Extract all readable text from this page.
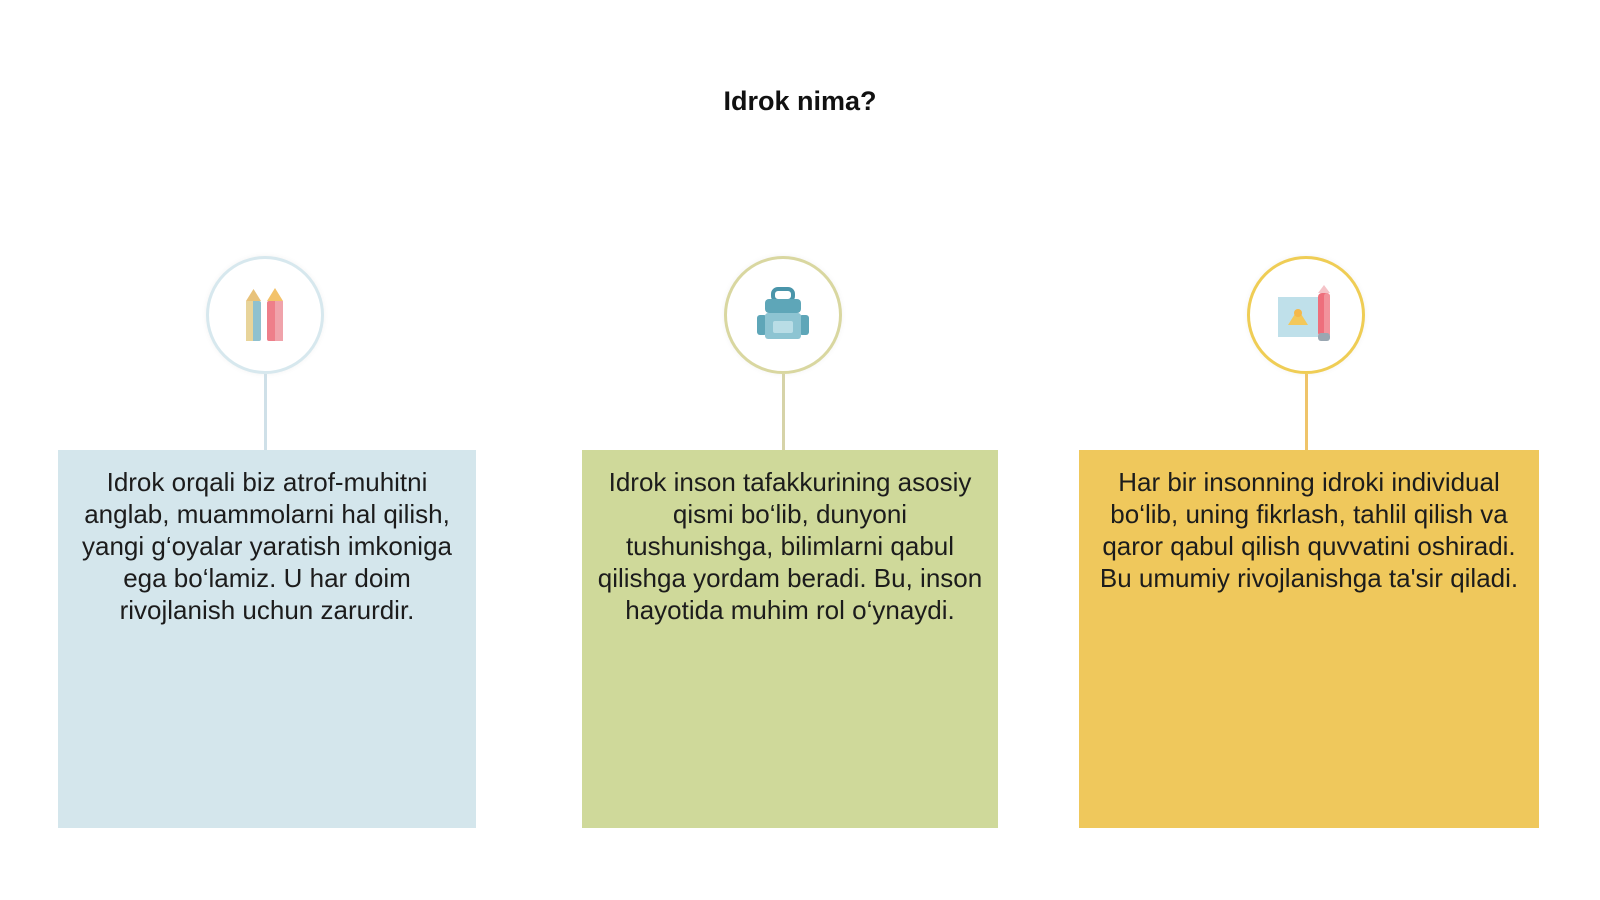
Idrok nima?
Idrok orqali biz atrof-muhitni anglab, muammolarni hal qilish, yangi g‘oyalar yaratish imkoniga ega bo‘lamiz. U har doim rivojlanish uchun zarurdir.
Idrok inson tafakkurining asosiy qismi bo‘lib, dunyoni tushunishga, bilimlarni qabul qilishga yordam beradi. Bu, inson hayotida muhim rol o‘ynaydi.
Har bir insonning idroki individual bo‘lib, uning fikrlash, tahlil qilish va qaror qabul qilish quvvatini oshiradi. Bu umumiy rivojlanishga ta'sir qiladi.
